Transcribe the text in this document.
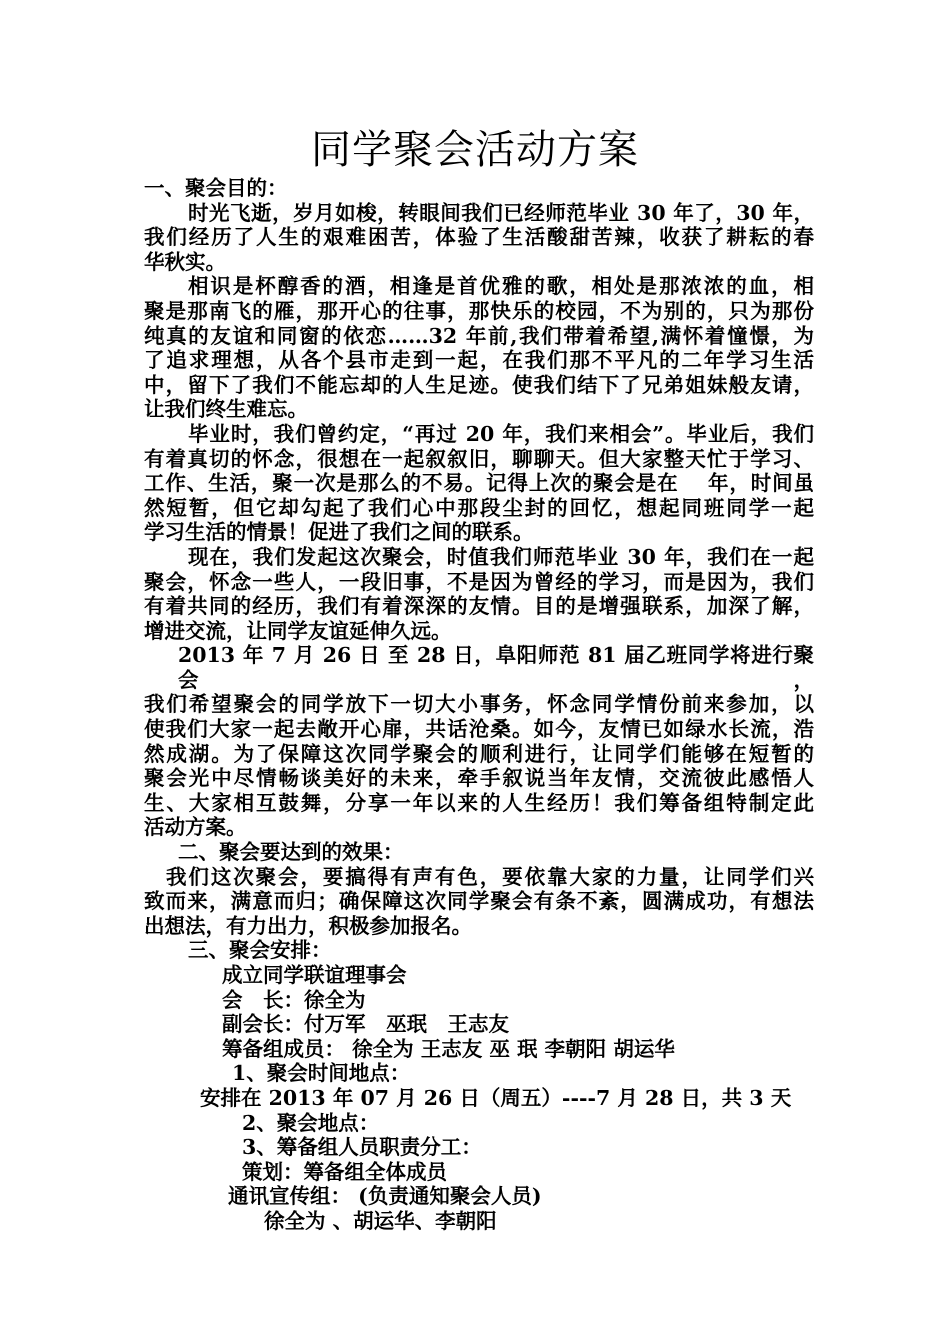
同学聚会活动方案

一、聚会目的：

时光飞逝，岁月如梭，转眼间我们已经师范毕业 30 年了，30 年，

我们经历了人生的艰难困苦，体验了生活酸甜苦辣，收获了耕耘的春

华秋实。

相识是杯醇香的酒，相逢是首优雅的歌，相处是那浓浓的血，相

聚是那南飞的雁，那开心的往事，那快乐的校园，不为别的，只为那份

纯真的友谊和同窗的依恋……32 年前,我们带着希望,满怀着憧憬，为

了追求理想，从各个县市走到一起，在我们那不平凡的二年学习生活

中，留下了我们不能忘却的人生足迹。使我们结下了兄弟姐妹般友请，

让我们终生难忘。

毕业时，我们曾约定，“再过 20 年，我们来相会”。毕业后，我们

有着真切的怀念，很想在一起叙叙旧，聊聊天。但大家整天忙于学习、

工作、生活，聚一次是那么的不易。记得上次的聚会是在　 年，时间虽

然短暂，但它却勾起了我们心中那段尘封的回忆，想起同班同学一起

学习生活的情景！促进了我们之间的联系。

现在，我们发起这次聚会，时值我们师范毕业 30 年，我们在一起

聚会，怀念一些人，一段旧事，不是因为曾经的学习，而是因为，我们

有着共同的经历，我们有着深深的友情。目的是增强联系，加深了解，

增进交流，让同学友谊延伸久远。

2013 年 7 月 26 日 至 28 日，阜阳师范 81 届乙班同学将进行聚会，

我们希望聚会的同学放下一切大小事务，怀念同学情份前来参加，以

使我们大家一起去敞开心扉，共话沧桑。如今，友情已如绿水长流，浩

然成湖。为了保障这次同学聚会的顺利进行，让同学们能够在短暂的

聚会光中尽情畅谈美好的未来，牵手叙说当年友情，交流彼此感悟人

生、大家相互鼓舞，分享一年以来的人生经历！我们筹备组特制定此

活动方案。

二、聚会要达到的效果：

我们这次聚会，要搞得有声有色，要依靠大家的力量，让同学们兴

致而来，满意而归；确保障这次同学聚会有条不紊，圆满成功，有想法

出想法，有力出力，积极参加报名。

三、聚会安排：

成立同学联谊理事会

会　长：徐全为

副会长：付万军　巫珉　王志友

筹备组成员： 徐全为 王志友 巫 珉 李朝阳 胡运华

1、聚会时间地点：

安排在 2013 年 07 月 26 日（周五）----7 月 28 日，共 3 天

2、聚会地点：

3、筹备组人员职责分工：

策划：筹备组全体成员

通讯宣传组： (负责通知聚会人员)

徐全为 、胡运华、李朝阳
